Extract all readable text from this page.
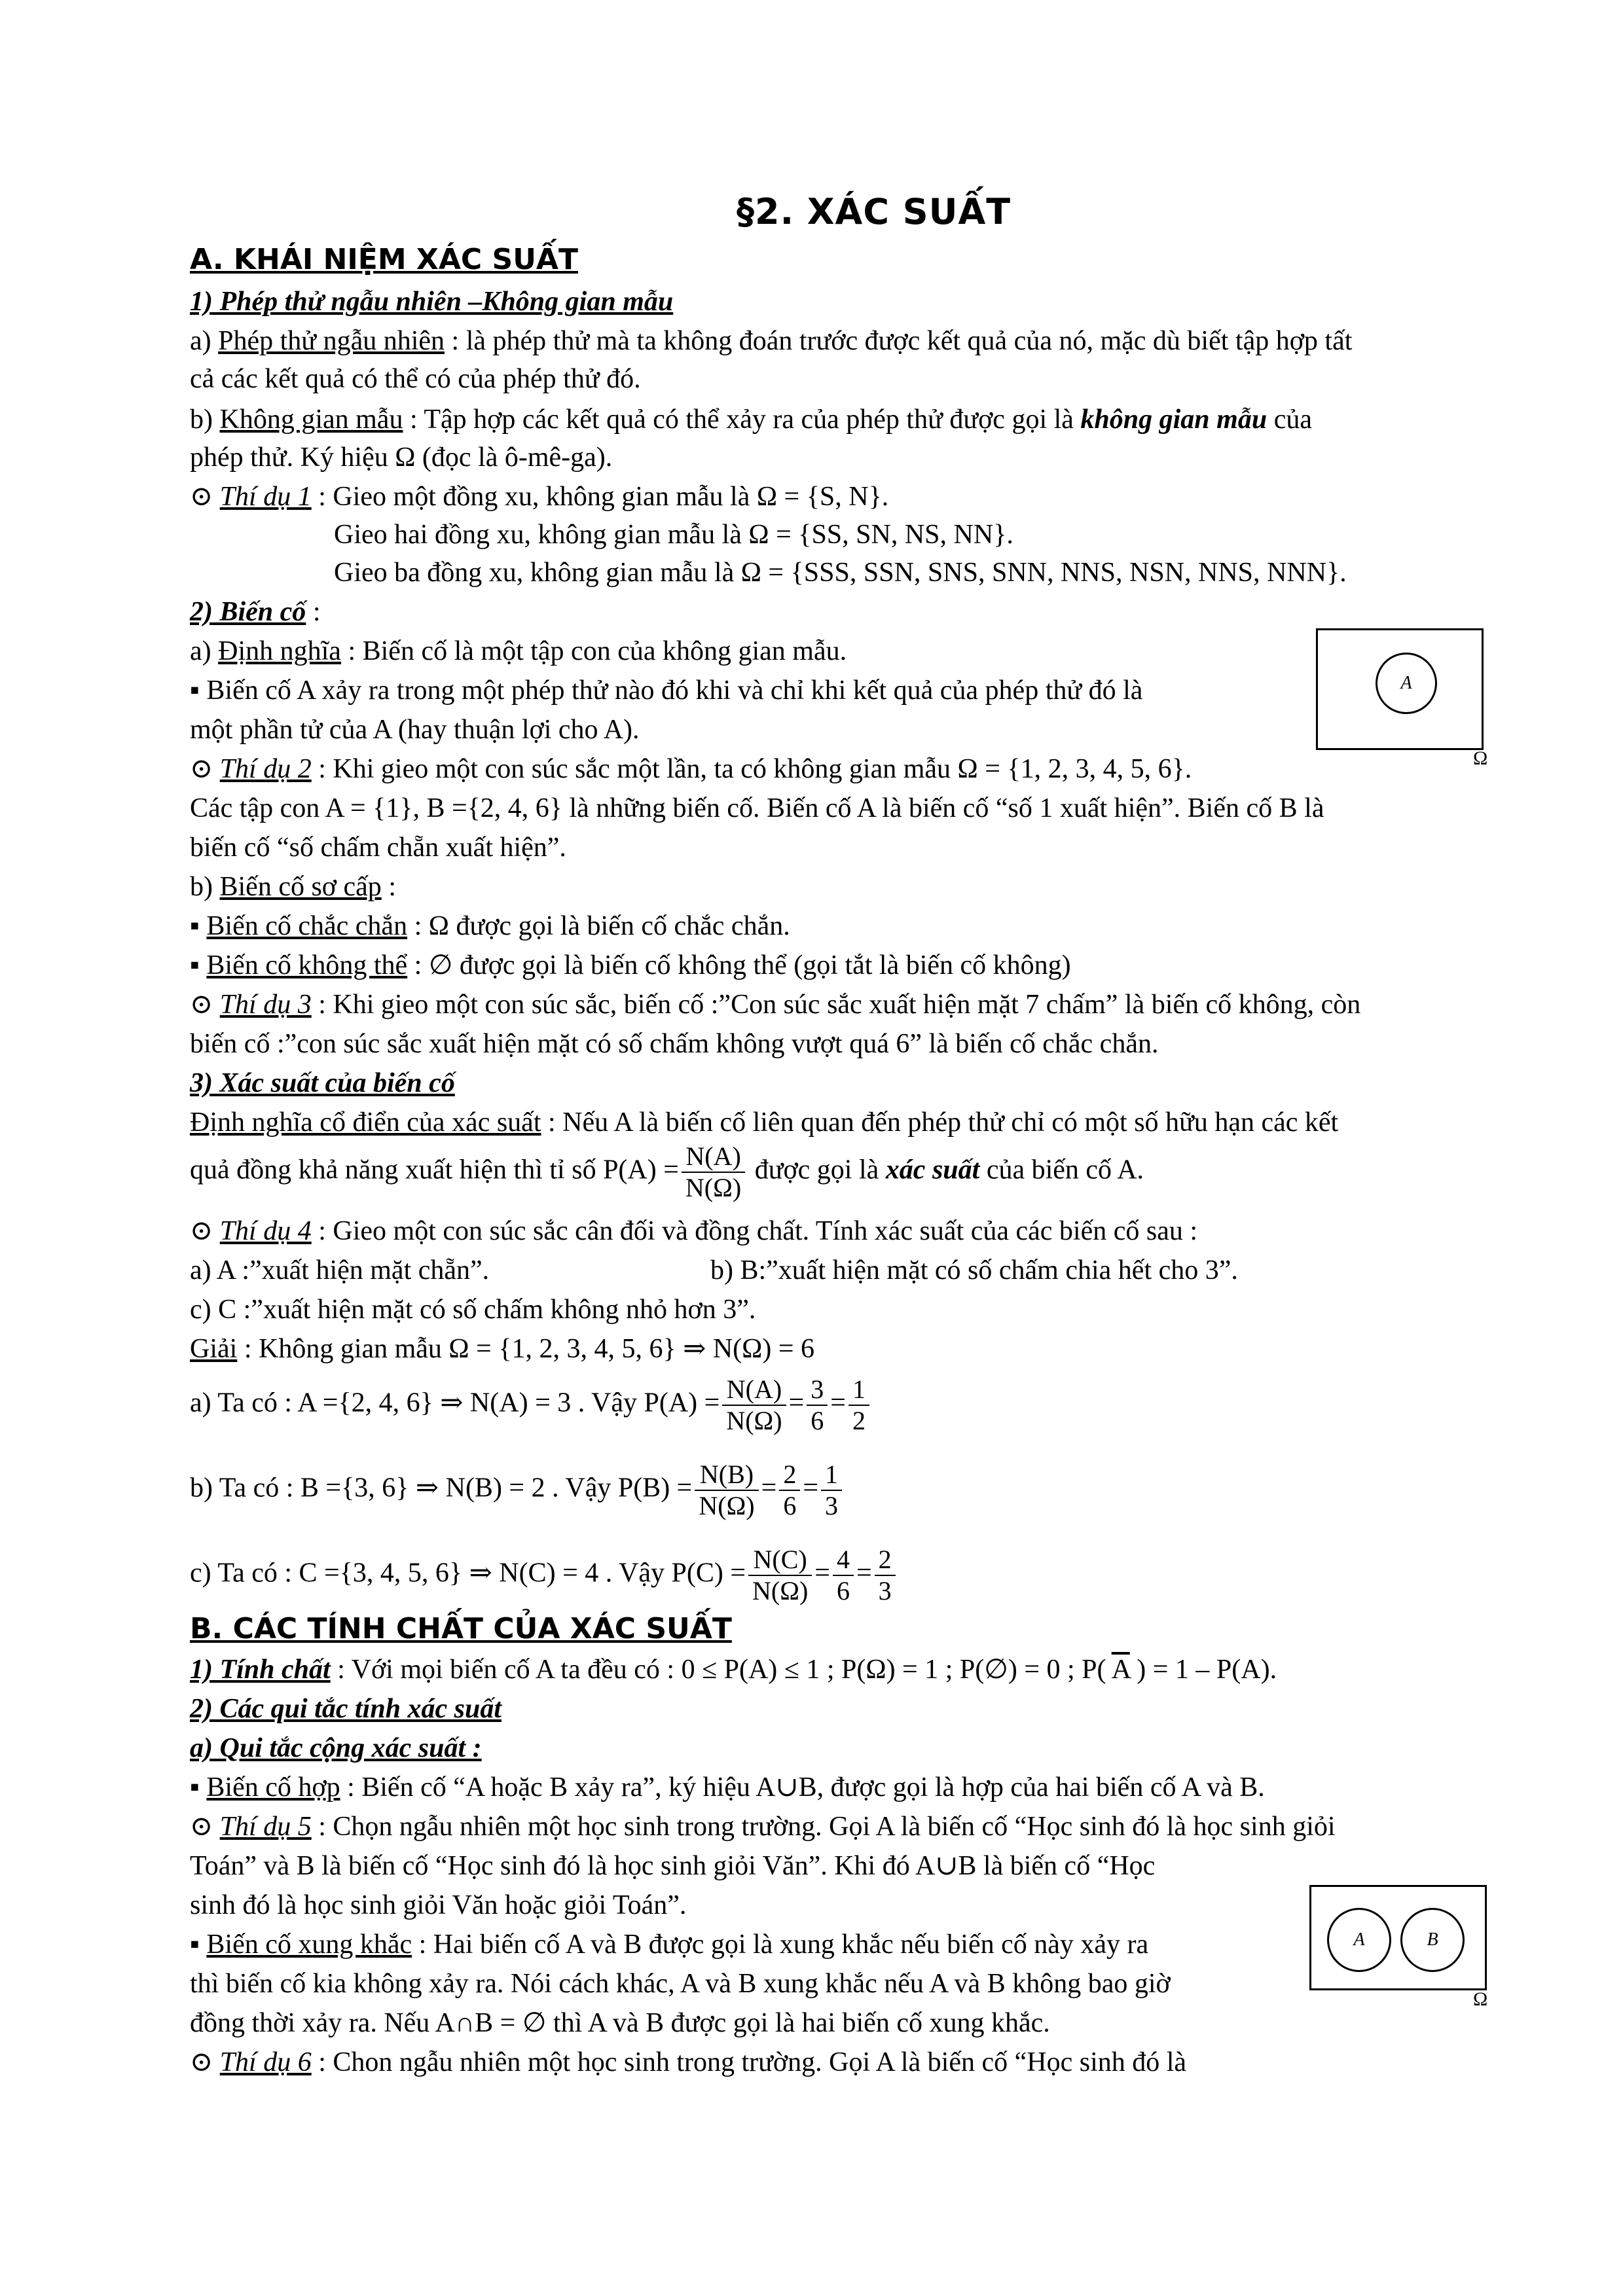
§2. XÁC SUẤT
A. KHÁI NIỆM XÁC SUẤT
1) Phép thử ngẫu nhiên –Không gian mẫu
a) Phép thử ngẫu nhiên : là phép thử mà ta không đoán trước được kết quả của nó, mặc dù biết tập hợp tất
cả các kết quả có thể có của phép thử đó.
b) Không gian mẫu : Tập hợp các kết quả có thể xảy ra của phép thử được gọi là không gian mẫu của
phép thử. Ký hiệu Ω (đọc là ô-mê-ga).
⊙ Thí dụ 1 : Gieo một đồng xu, không gian mẫu là Ω = {S, N}.
Gieo hai đồng xu, không gian mẫu là Ω = {SS, SN, NS, NN}.
Gieo ba đồng xu, không gian mẫu là Ω = {SSS, SSN, SNS, SNN, NNS, NSN, NNS, NNN}.
2) Biến cố :
a) Định nghĩa : Biến cố là một tập con của không gian mẫu.
▪ Biến cố A xảy ra trong một phép thử nào đó khi và chỉ khi kết quả của phép thử đó là
một phần tử của A (hay thuận lợi cho A).
A
Ω
⊙ Thí dụ 2 : Khi gieo một con súc sắc một lần, ta có không gian mẫu Ω = {1, 2, 3, 4, 5, 6}.
Các tập con A = {1}, B ={2, 4, 6} là những biến cố. Biến cố A là biến cố “số 1 xuất hiện”. Biến cố B là
biến cố “số chấm chẵn xuất hiện”.
b) Biến cố sơ cấp :
▪ Biến cố chắc chắn : Ω được gọi là biến cố chắc chắn.
▪ Biến cố không thể : ∅ được gọi là biến cố không thể (gọi tắt là biến cố không)
⊙ Thí dụ 3 : Khi gieo một con súc sắc, biến cố :”Con súc sắc xuất hiện mặt 7 chấm” là biến cố không, còn
biến cố :”con súc sắc xuất hiện mặt có số chấm không vượt quá 6” là biến cố chắc chắn.
3) Xác suất của biến cố
Định nghĩa cổ điển của xác suất : Nếu A là biến cố liên quan đến phép thử chỉ có một số hữu hạn các kết
quả đồng khả năng xuất hiện thì tỉ số $P(A) = \frac{N(A)}{N(\Omega)}$ được gọi là xác suất của biến cố A.
⊙ Thí dụ 4 : Gieo một con súc sắc cân đối và đồng chất. Tính xác suất của các biến cố sau :
a) A :”xuất hiện mặt chẵn”.	b) B:”xuất hiện mặt có số chấm chia hết cho 3”.
c) C :”xuất hiện mặt có số chấm không nhỏ hơn 3”.
Giải : Không gian mẫu Ω = {1, 2, 3, 4, 5, 6} ⇒ N(Ω) = 6
a) Ta có : A ={2, 4, 6} ⇒ N(A) = 3 . Vậy $P(A) = \frac{N(A)}{N(\Omega)} = \frac{3}{6} = \frac{1}{2}$
b) Ta có : B ={3, 6} ⇒ N(B) = 2 . Vậy $P(B) = \frac{N(B)}{N(\Omega)} = \frac{2}{6} = \frac{1}{3}$
c) Ta có : C ={3, 4, 5, 6} ⇒ N(C) = 4 . Vậy $P(C) = \frac{N(C)}{N(\Omega)} = \frac{4}{6} = \frac{2}{3}$
B. CÁC TÍNH CHẤT CỦA XÁC SUẤT
1) Tính chất : Với mọi biến cố A ta đều có : 0 ≤ P(A) ≤ 1 ; P(Ω) = 1 ; P(∅) = 0 ; P( $\overline{A}$ ) = 1 – P(A).
2) Các qui tắc tính xác suất
a) Qui tắc cộng xác suất :
▪ Biến cố hợp : Biến cố “A hoặc B xảy ra”, ký hiệu A∪B, được gọi là hợp của hai biến cố A và B.
⊙ Thí dụ 5 : Chọn ngẫu nhiên một học sinh trong trường. Gọi A là biến cố “Học sinh đó là học sinh giỏi
Toán” và B là biến cố “Học sinh đó là học sinh giỏi Văn”. Khi đó A∪B là biến cố “Học
sinh đó là học sinh giỏi Văn hoặc giỏi Toán”.
A	B
Ω
▪ Biến cố xung khắc : Hai biến cố A và B được gọi là xung khắc nếu biến cố này xảy ra
thì biến cố kia không xảy ra. Nói cách khác, A và B xung khắc nếu A và B không bao giờ
đồng thời xảy ra. Nếu A∩B = ∅ thì A và B được gọi là hai biến cố xung khắc.
⊙ Thí dụ 6 : Chon ngẫu nhiên một học sinh trong trường. Gọi A là biến cố “Học sinh đó là
